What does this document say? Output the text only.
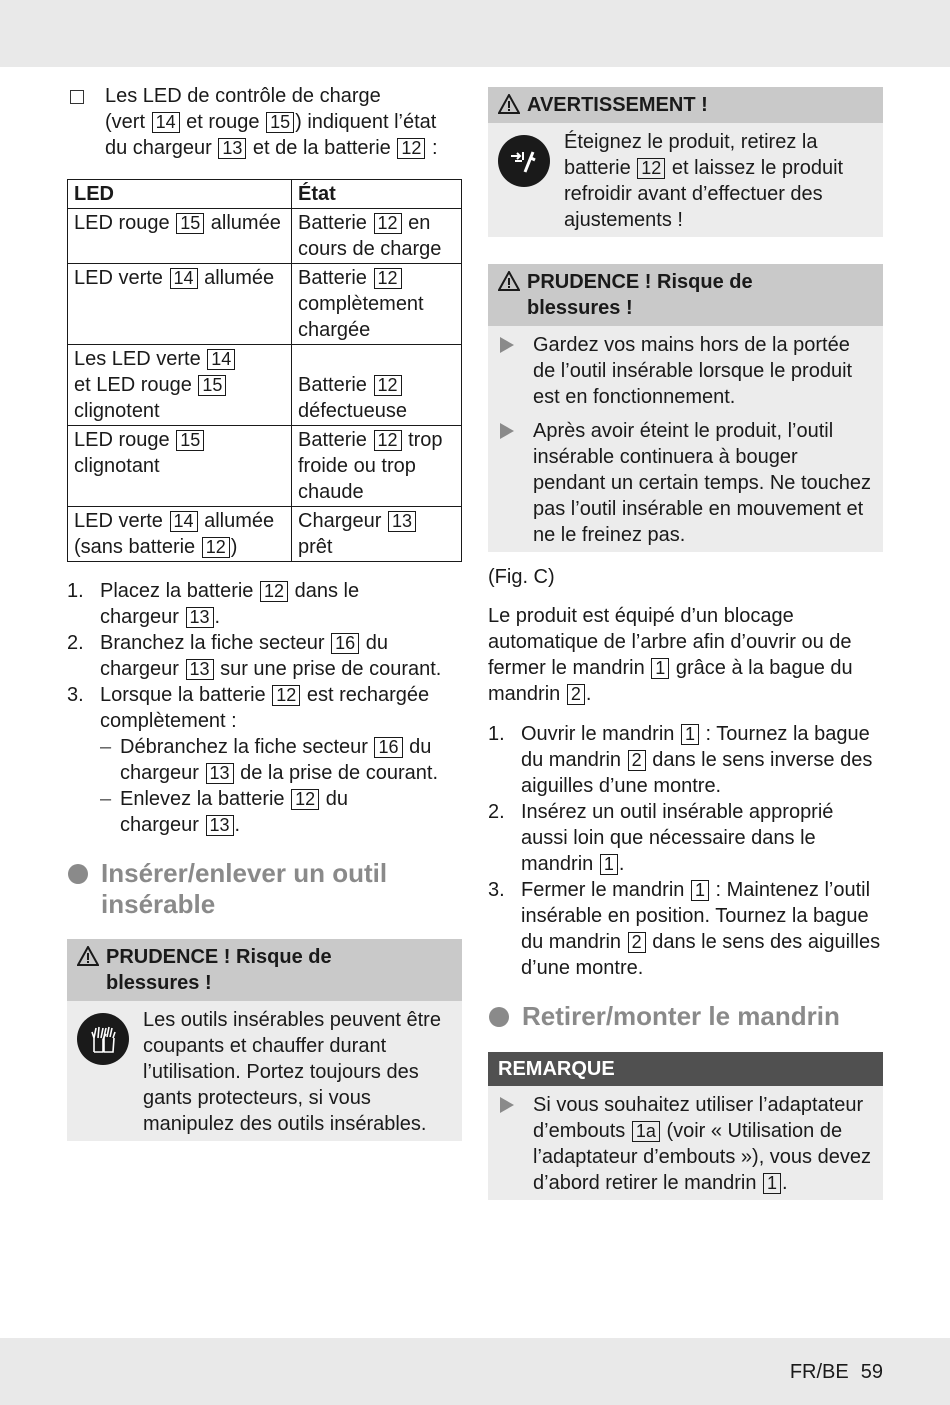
Les LED de contrôle de charge
(vert 14 et rouge 15 ) indiquent l’état
du chargeur 13 et de la batterie 12 :
LED	État
LED rouge 15 allumée	Batterie 12 en cours de charge
LED verte 14 allumée	Batterie 12 complètement chargée
Les LED verte 14
et LED rouge 15
clignotent	Batterie 12
défectueuse
LED rouge 15
clignotant	Batterie 12 trop froide ou trop chaude
LED verte 14 allumée
(sans batterie 12 )	Chargeur 13
prêt
1. Placez la batterie 12 dans le
chargeur 13 .
2. Branchez la fiche secteur 16 du
chargeur 13 sur une prise de courant.
3. Lorsque la batterie 12 est rechargée
complètement :
– Débranchez la fiche secteur 16 du
chargeur 13 de la prise de courant.
– Enlevez la batterie 12 du
chargeur 13 .
Insérer/enlever un outil insérable
PRUDENCE ! Risque de blessures !
Les outils insérables peuvent être coupants et chauffer durant l’utilisation. Portez toujours des gants protecteurs, si vous manipulez des outils insérables.
AVERTISSEMENT !
Éteignez le produit, retirez la batterie 12 et laissez le produit refroidir avant d’effectuer des ajustements !
PRUDENCE ! Risque de blessures !
Gardez vos mains hors de la portée de l’outil insérable lorsque le produit est en fonctionnement.
Après avoir éteint le produit, l’outil insérable continuera à bouger pendant un certain temps. Ne touchez pas l’outil insérable en mouvement et ne le freinez pas.
(Fig. C)
Le produit est équipé d’un blocage automatique de l’arbre afin d’ouvrir ou de fermer le mandrin 1 grâce à la bague du mandrin 2 .
1. Ouvrir le mandrin 1 : Tournez la bague du mandrin 2 dans le sens inverse des aiguilles d’une montre.
2. Insérez un outil insérable approprié aussi loin que nécessaire dans le mandrin 1 .
3. Fermer le mandrin 1 : Maintenez l’outil insérable en position. Tournez la bague du mandrin 2 dans le sens des aiguilles d’une montre.
Retirer/monter le mandrin
REMARQUE
Si vous souhaitez utiliser l’adaptateur d’embouts 1a (voir « Utilisation de l’adaptateur d’embouts »), vous devez d’abord retirer le mandrin 1 .
FR/BE 59
